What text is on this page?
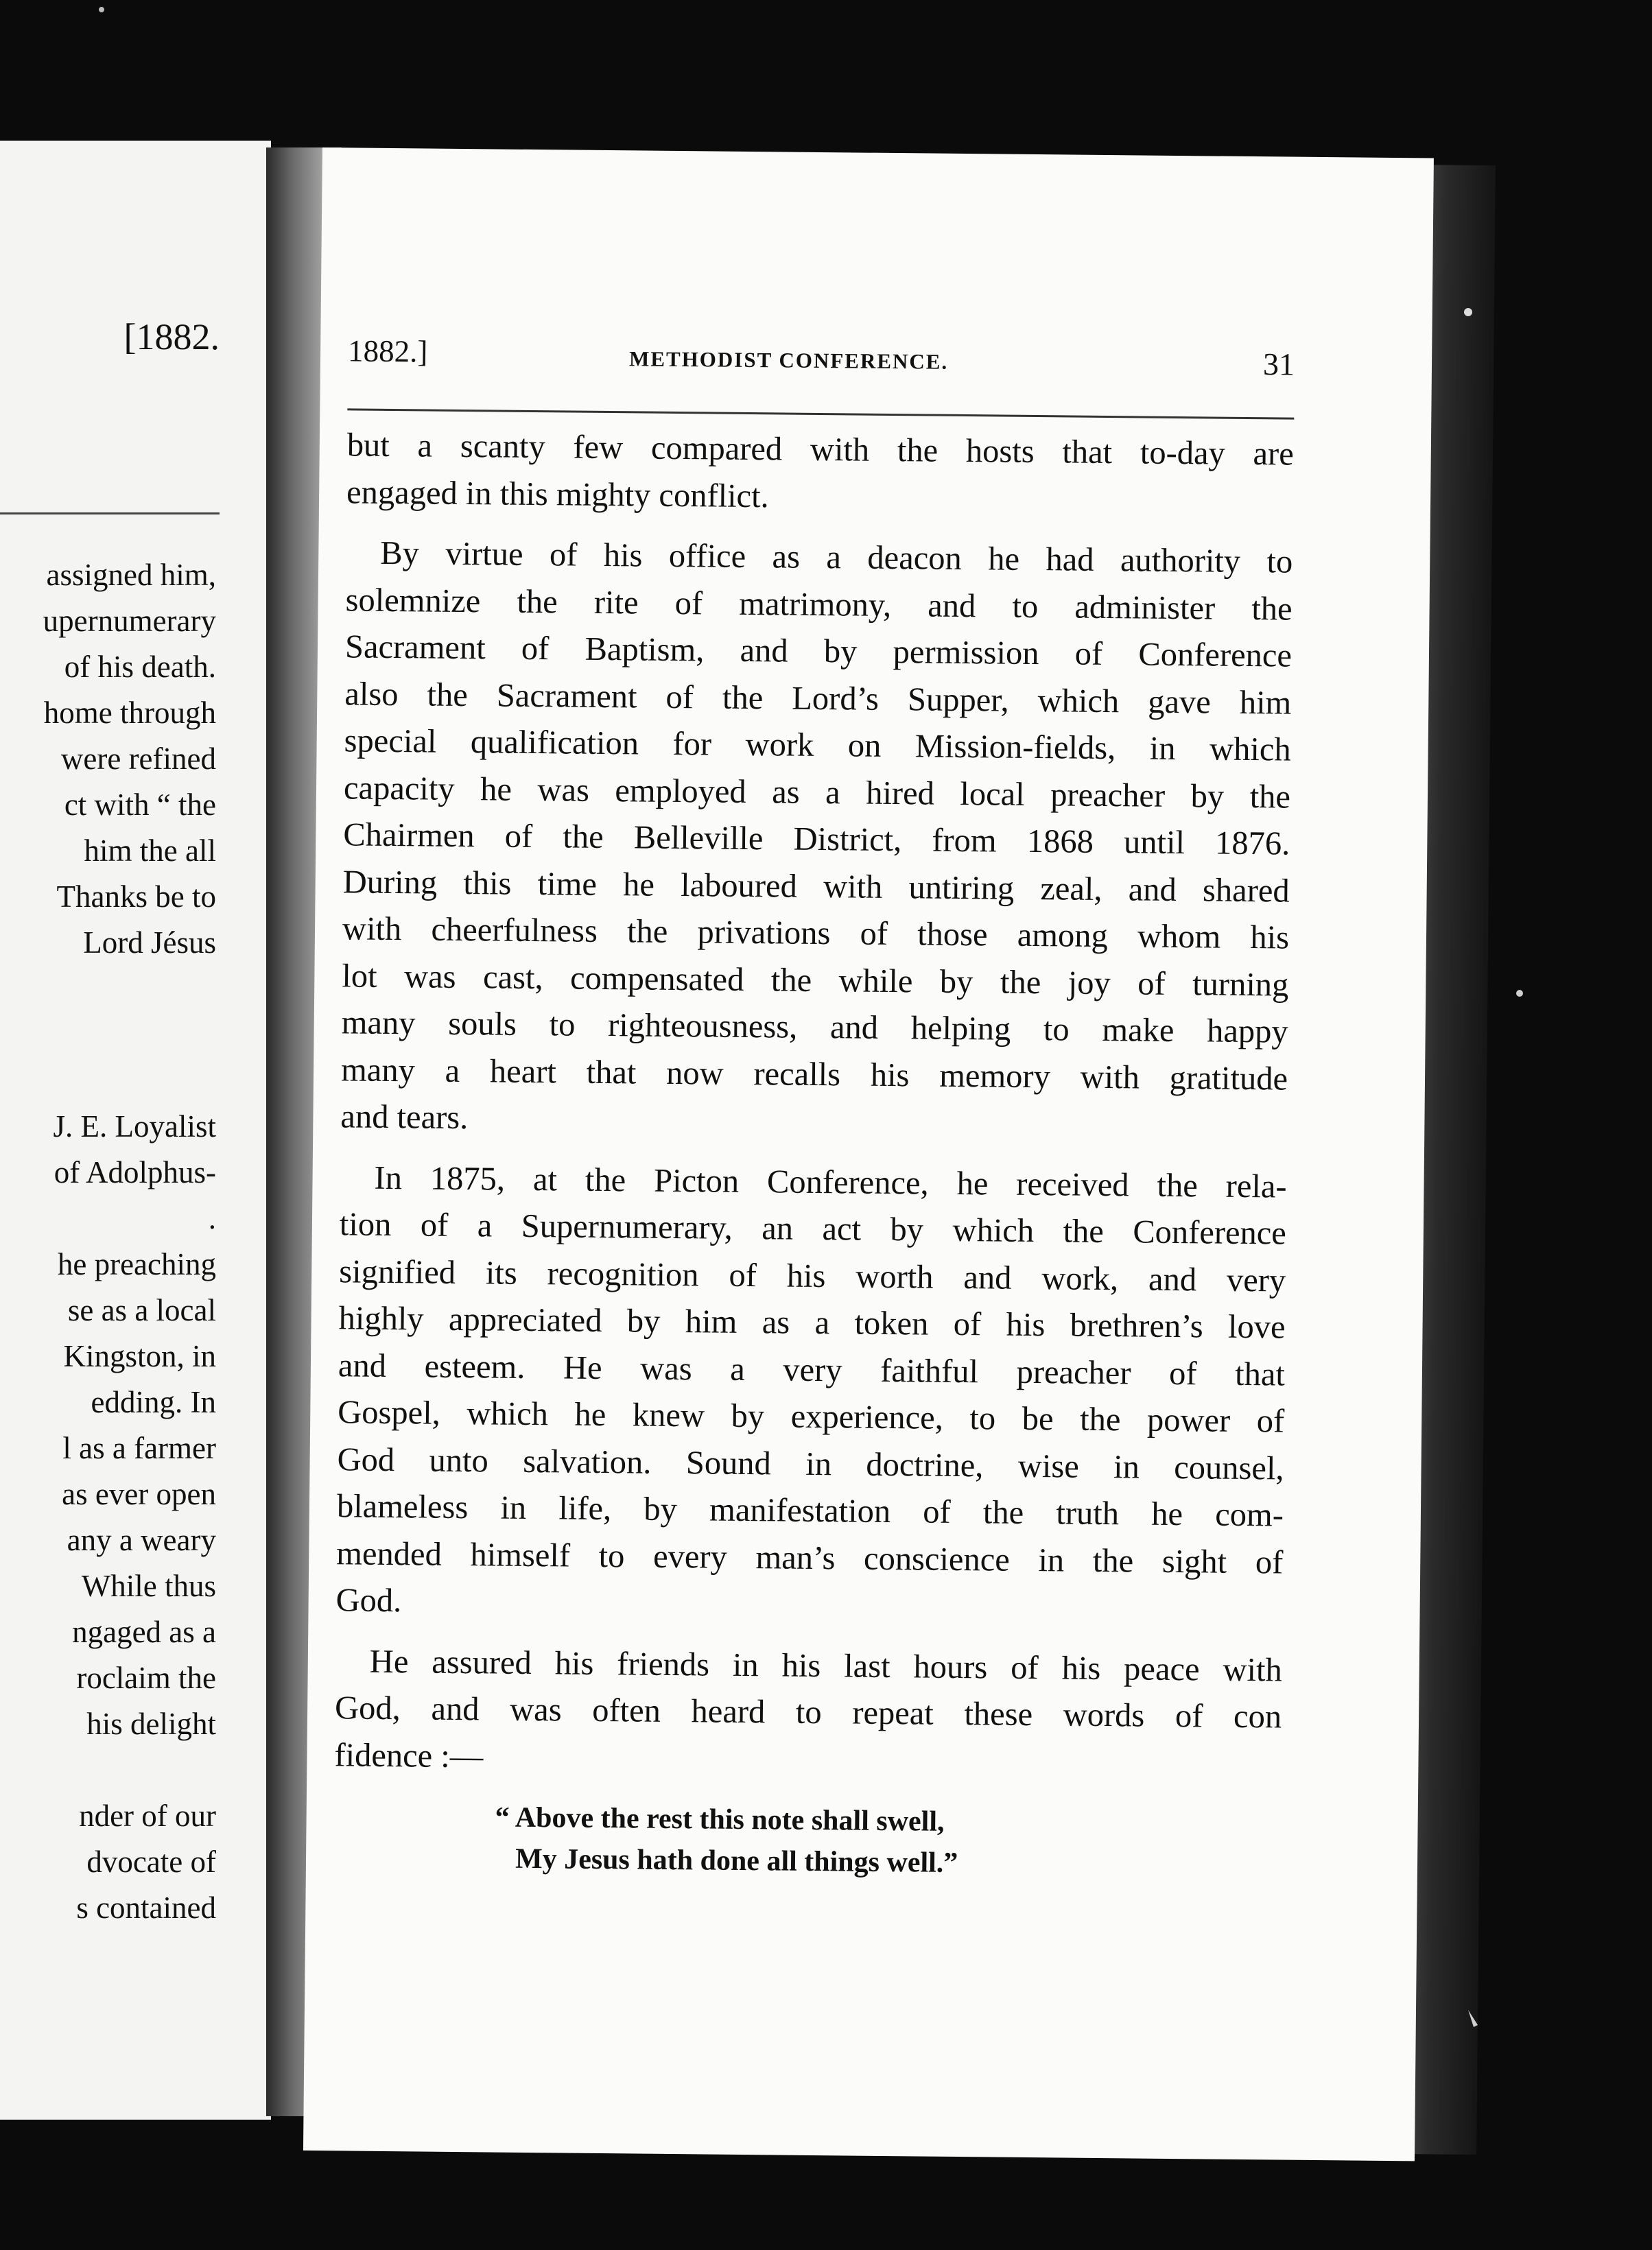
[1882.
assigned him,
upernumerary
of his death.
home through
were refined
ct with “ the
him the all
Thanks be to
Lord Jésus

J. E. Loyalist
of Adolphus-
.
he preaching
se as a local
Kingston, in
edding. In
l as a farmer
as ever open
any a weary
While thus
ngaged as a
roclaim the
his delight

nder of our
dvocate of
s contained
1882.]	METHODIST CONFERENCE.	31
but a scanty few compared with the hosts that to-day are
engaged in this mighty conflict.
By virtue of his office as a deacon he had authority to
solemnize the rite of matrimony, and to administer the
Sacrament of Baptism, and by permission of Conference
also the Sacrament of the Lord’s Supper, which gave him
special qualification for work on Mission-fields, in which
capacity he was employed as a hired local preacher by the
Chairmen of the Belleville District, from 1868 until 1876.
During this time he laboured with untiring zeal, and shared
with cheerfulness the privations of those among whom his
lot was cast, compensated the while by the joy of turning
many souls to righteousness, and helping to make happy
many a heart that now recalls his memory with gratitude
and tears.
In 1875, at the Picton Conference, he received the rela-
tion of a Supernumerary, an act by which the Conference
signified its recognition of his worth and work, and very
highly appreciated by him as a token of his brethren’s love
and esteem. He was a very faithful preacher of that
Gospel, which he knew by experience, to be the power of
God unto salvation. Sound in doctrine, wise in counsel,
blameless in life, by manifestation of the truth he com-
mended himself to every man’s conscience in the sight of
God.
He assured his friends in his last hours of his peace with
God, and was often heard to repeat these words of con
fidence :—
“ Above the rest this note shall swell,
My Jesus hath done all things well.”
